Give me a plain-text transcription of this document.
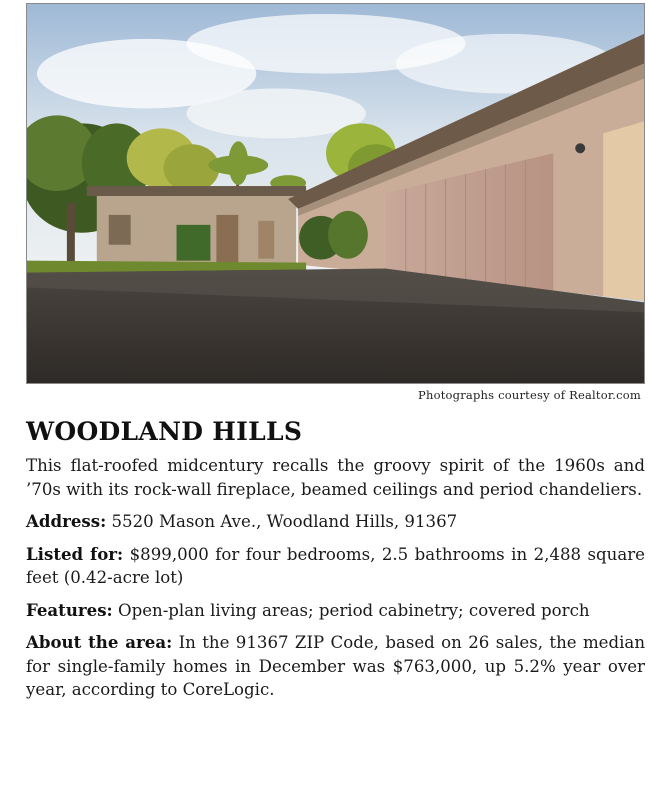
Photographs courtesy of Realtor.com
WOODLAND HILLS

This flat-roofed midcentury recalls the groovy spirit of the 1960s and ’70s with its rock-wall fireplace, beamed ceilings and period chandeliers.

Address: 5520 Mason Ave., Woodland Hills, 91367

Listed for: $899,000 for four bedrooms, 2.5 bathrooms in 2,488 square feet (0.42-acre lot)

Features: Open-plan living areas; period cabinetry; covered porch

About the area: In the 91367 ZIP Code, based on 26 sales, the median for single-family homes in December was $763,000, up 5.2% year over year, according to CoreLogic.
